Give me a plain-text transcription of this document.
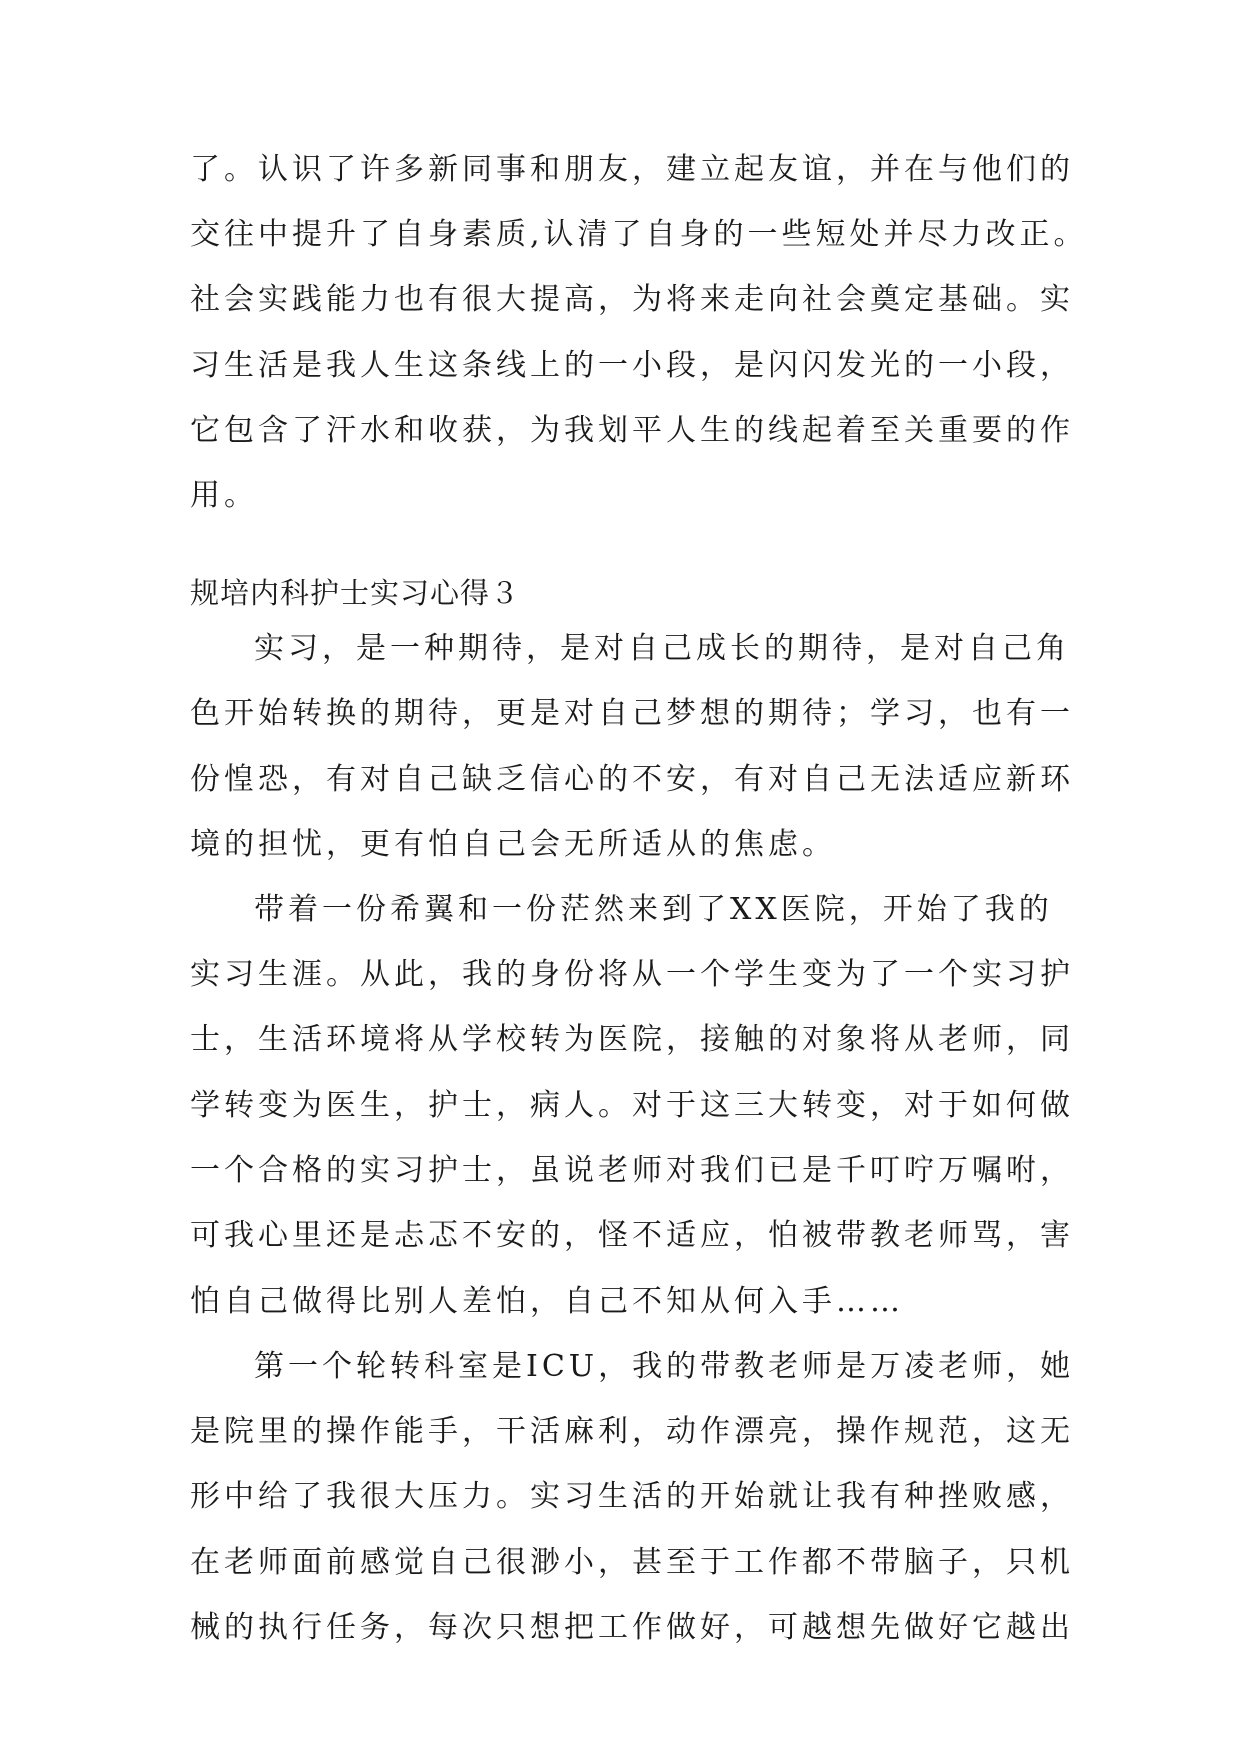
了。认识了许多新同事和朋友，建立起友谊，并在与他们的
交往中提升了自身素质,认清了自身的一些短处并尽力改正。
社会实践能力也有很大提高，为将来走向社会奠定基础。实
习生活是我人生这条线上的一小段，是闪闪发光的一小段，
它包含了汗水和收获，为我划平人生的线起着至关重要的作
用。
规培内科护士实习心得３
实习，是一种期待，是对自己成长的期待，是对自己角
色开始转换的期待，更是对自己梦想的期待；学习，也有一
份惶恐，有对自己缺乏信心的不安，有对自己无法适应新环
境的担忧，更有怕自己会无所适从的焦虑。
带着一份希翼和一份茫然来到了XX医院，开始了我的
实习生涯。从此，我的身份将从一个学生变为了一个实习护
士，生活环境将从学校转为医院，接触的对象将从老师，同
学转变为医生，护士，病人。对于这三大转变，对于如何做
一个合格的实习护士，虽说老师对我们已是千叮咛万嘱咐，
可我心里还是忐忑不安的，怪不适应，怕被带教老师骂，害
怕自己做得比别人差怕，自己不知从何入手……
第一个轮转科室是ICU，我的带教老师是万凌老师，她
是院里的操作能手，干活麻利，动作漂亮，操作规范，这无
形中给了我很大压力。实习生活的开始就让我有种挫败感，
在老师面前感觉自己很渺小，甚至于工作都不带脑子，只机
械的执行任务，每次只想把工作做好，可越想先做好它越出
